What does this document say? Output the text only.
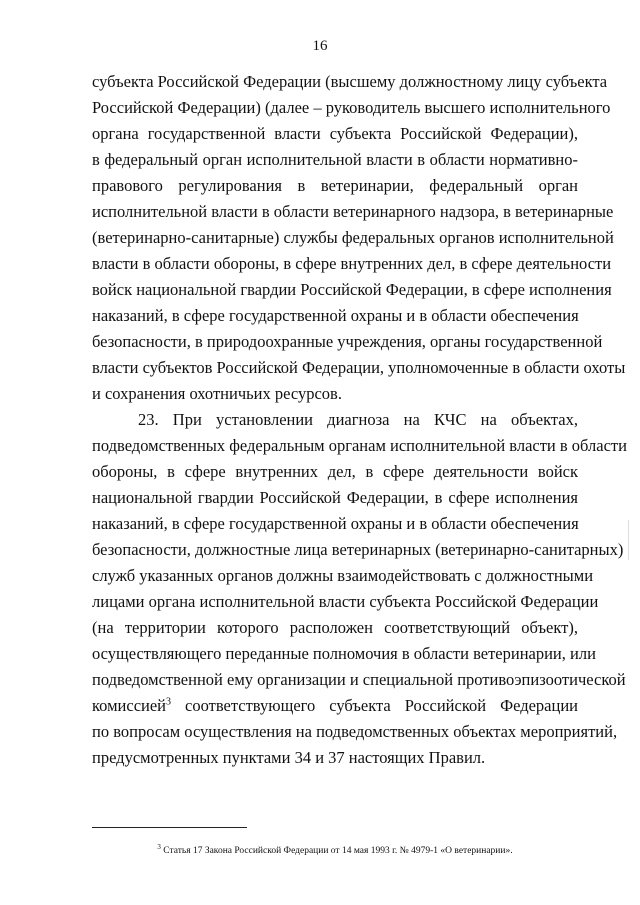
16
субъекта Российской Федерации (высшему должностному лицу субъекта
Российской Федерации) (далее – руководитель высшего исполнительного
органа государственной власти субъекта Российской Федерации),
в федеральный орган исполнительной власти в области нормативно-
правового регулирования в ветеринарии, федеральный орган
исполнительной власти в области ветеринарного надзора, в ветеринарные
(ветеринарно-санитарные) службы федеральных органов исполнительной
власти в области обороны, в сфере внутренних дел, в сфере деятельности
войск национальной гвардии Российской Федерации, в сфере исполнения
наказаний, в сфере государственной охраны и в области обеспечения
безопасности, в природоохранные учреждения, органы государственной
власти субъектов Российской Федерации, уполномоченные в области охоты
и сохранения охотничьих ресурсов.
23. При установлении диагноза на КЧС на объектах,
подведомственных федеральным органам исполнительной власти в области
обороны, в сфере внутренних дел, в сфере деятельности войск
национальной гвардии Российской Федерации, в сфере исполнения
наказаний, в сфере государственной охраны и в области обеспечения
безопасности, должностные лица ветеринарных (ветеринарно-санитарных)
служб указанных органов должны взаимодействовать с должностными
лицами органа исполнительной власти субъекта Российской Федерации
(на территории которого расположен соответствующий объект),
осуществляющего переданные полномочия в области ветеринарии, или
подведомственной ему организации и специальной противоэпизоотической
комиссией$^3$ соответствующего субъекта Российской Федерации
по вопросам осуществления на подведомственных объектах мероприятий,
предусмотренных пунктами 34 и 37 настоящих Правил.
$^3$ Статья 17 Закона Российской Федерации от 14 мая 1993 г. № 4979-1 «О ветеринарии».
